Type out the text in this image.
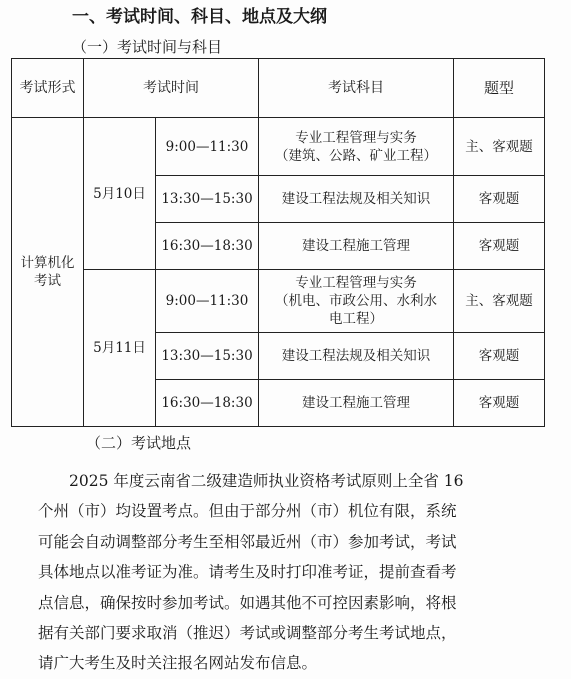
一、考试时间、科目、地点及大纲
（一）考试时间与科目
考试形式	考试时间		考试科目	题型

计算机化
考试	5月10日	9:00—11:30	专业工程管理与实务
（建筑、公路、矿业工程）	主、客观题
		13:30—15:30	建设工程法规及相关知识	客观题
		16:30—18:30	建设工程施工管理	客观题
	5月11日	9:00—11:30	专业工程管理与实务
（机电、市政公用、水利水
电工程）	主、客观题
		13:30—15:30	建设工程法规及相关知识	客观题
		16:30—18:30	建设工程施工管理	客观题
（二）考试地点
　　2025 年度云南省二级建造师执业资格考试原则上全省 16
个州（市）均设置考点。但由于部分州（市）机位有限，系统
可能会自动调整部分考生至相邻最近州（市）参加考试，考试
具体地点以准考证为准。请考生及时打印准考证，提前查看考
点信息，确保按时参加考试。如遇其他不可控因素影响，将根
据有关部门要求取消（推迟）考试或调整部分考生考试地点，
请广大考生及时关注报名网站发布信息。
